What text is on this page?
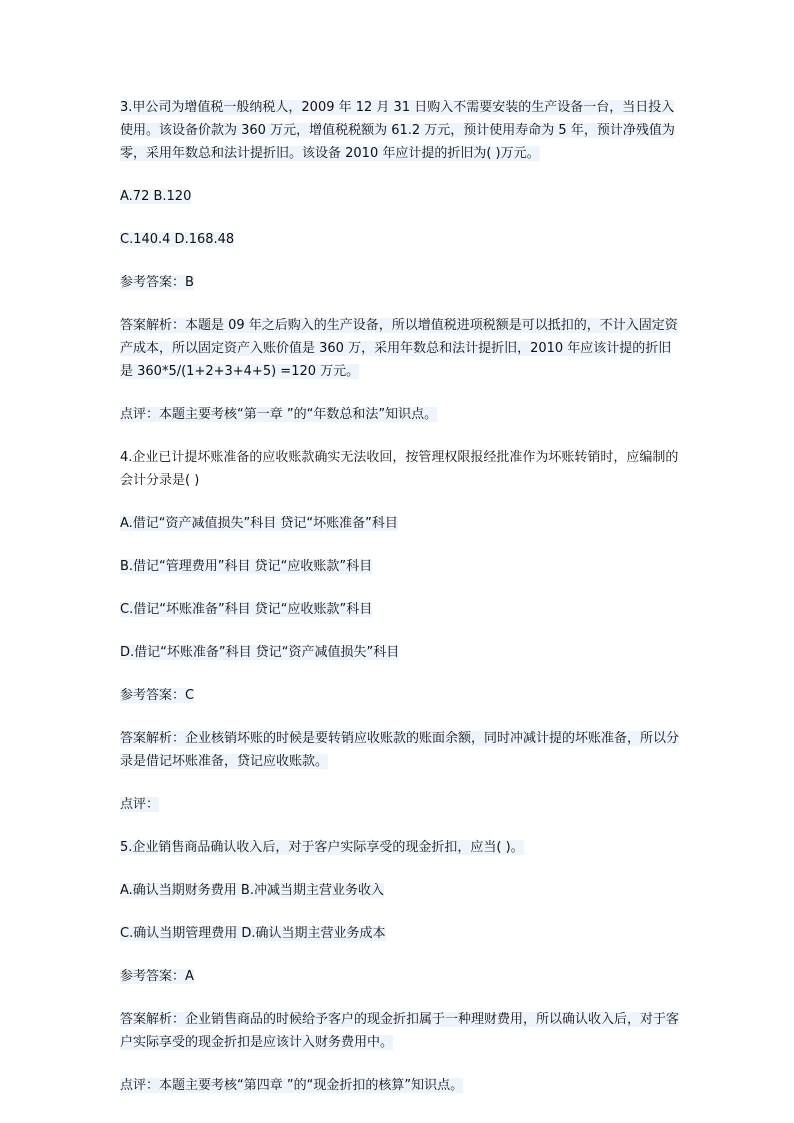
3.甲公司为增值税一般纳税人，2009 年 12 月 31 日购入不需要安装的生产设备一台，当日投入使用。该设备价款为 360 万元，增值税税额为 61.2 万元，预计使用寿命为 5 年，预计净残值为零，采用年数总和法计提折旧。该设备 2010 年应计提的折旧为( )万元。

A.72 B.120

C.140.4 D.168.48

参考答案：B

答案解析：本题是 09 年之后购入的生产设备，所以增值税进项税额是可以抵扣的，不计入固定资产成本，所以固定资产入账价值是 360 万，采用年数总和法计提折旧，2010 年应该计提的折旧是 360*5/(1+2+3+4+5) =120 万元。

点评：本题主要考核“第一章 ”的“年数总和法”知识点。

4.企业已计提坏账准备的应收账款确实无法收回，按管理权限报经批准作为坏账转销时，应编制的会计分录是( )

A.借记“资产减值损失”科目 贷记“坏账准备”科目

B.借记“管理费用”科目 贷记“应收账款”科目

C.借记“坏账准备”科目 贷记“应收账款”科目

D.借记“坏账准备”科目 贷记“资产减值损失”科目

参考答案：C

答案解析：企业核销坏账的时候是要转销应收账款的账面余额，同时冲减计提的坏账准备，所以分录是借记坏账准备，贷记应收账款。

点评：

5.企业销售商品确认收入后，对于客户实际享受的现金折扣，应当( )。

A.确认当期财务费用 B.冲减当期主营业务收入

C.确认当期管理费用 D.确认当期主营业务成本

参考答案：A

答案解析：企业销售商品的时候给予客户的现金折扣属于一种理财费用，所以确认收入后，对于客户实际享受的现金折扣是应该计入财务费用中。

点评：本题主要考核“第四章 ”的“现金折扣的核算”知识点。
